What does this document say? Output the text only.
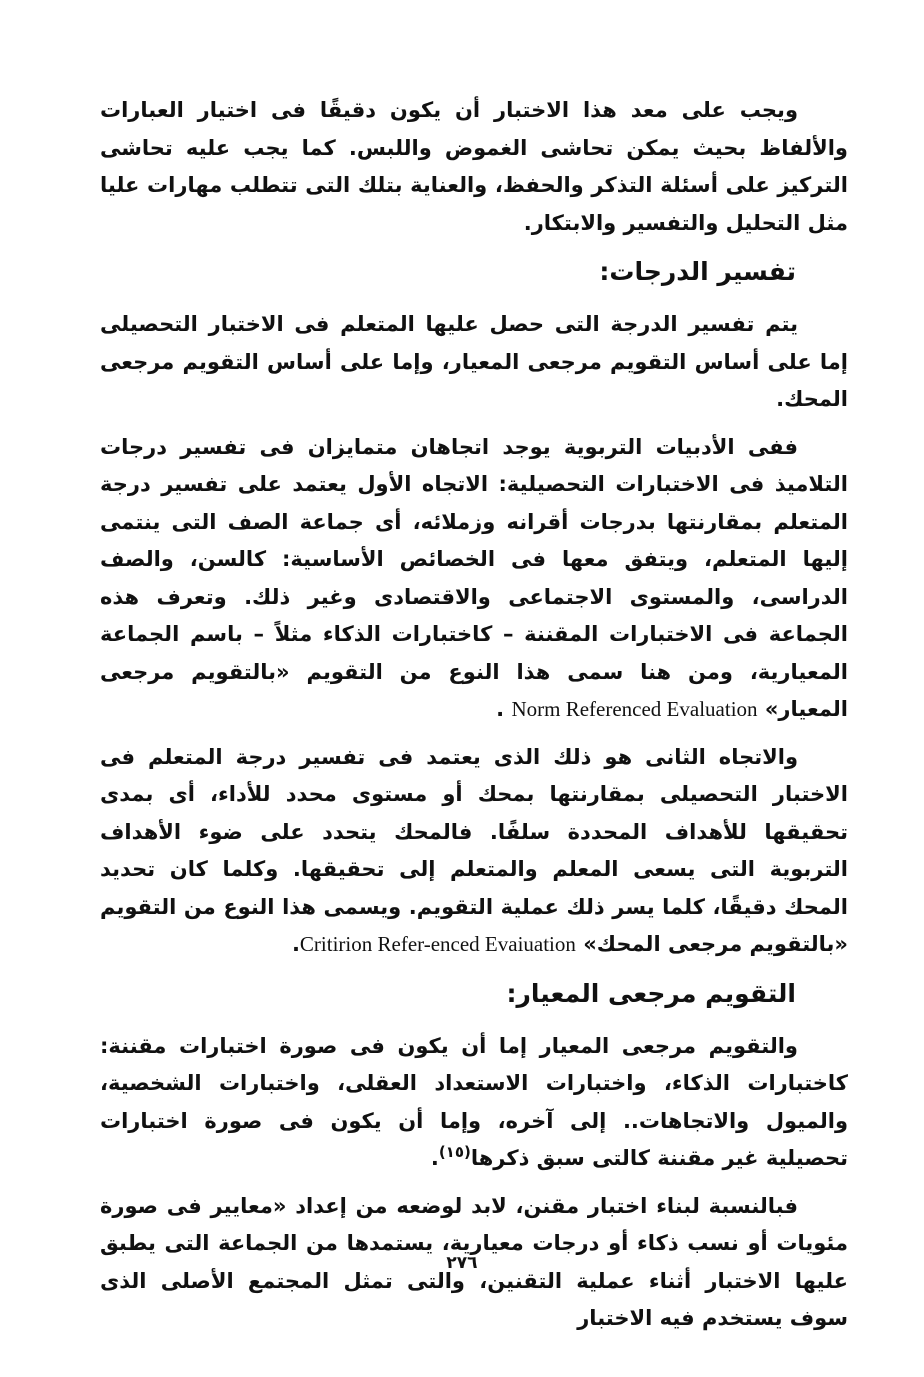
ويجب على معد هذا الاختبار أن يكون دقيقًا فى اختيار العبارات والألفاظ بحيث يمكن تحاشى الغموض واللبس. كما يجب عليه تحاشى التركيز على أسئلة التذكر والحفظ، والعناية بتلك التى تتطلب مهارات عليا مثل التحليل والتفسير والابتكار.

تفسير الدرجات:

يتم تفسير الدرجة التى حصل عليها المتعلم فى الاختبار التحصيلى إما على أساس التقويم مرجعى المعيار، وإما على أساس التقويم مرجعى المحك.

ففى الأدبيات التربوية يوجد اتجاهان متمايزان فى تفسير درجات التلاميذ فى الاختبارات التحصيلية: الاتجاه الأول يعتمد على تفسير درجة المتعلم بمقارنتها بدرجات أقرانه وزملائه، أى جماعة الصف التى ينتمى إليها المتعلم، ويتفق معها فى الخصائص الأساسية: كالسن، والصف الدراسى، والمستوى الاجتماعى والاقتصادى وغير ذلك. وتعرف هذه الجماعة فى الاختبارات المقننة – كاختبارات الذكاء مثلاً – باسم الجماعة المعيارية، ومن هنا سمى هذا النوع من التقويم «بالتقويم مرجعى المعيار» Norm Referenced Evaluation .

والاتجاه الثانى هو ذلك الذى يعتمد فى تفسير درجة المتعلم فى الاختبار التحصيلى بمقارنتها بمحك أو مستوى محدد للأداء، أى بمدى تحقيقها للأهداف المحددة سلفًا. فالمحك يتحدد على ضوء الأهداف التربوية التى يسعى المعلم والمتعلم إلى تحقيقها. وكلما كان تحديد المحك دقيقًا، كلما يسر ذلك عملية التقويم. ويسمى هذا النوع من التقويم «بالتقويم مرجعى المحك» Critirion Refer-enced Evaiuation.

التقويم مرجعى المعيار:

والتقويم مرجعى المعيار إما أن يكون فى صورة اختبارات مقننة: كاختبارات الذكاء، واختبارات الاستعداد العقلى، واختبارات الشخصية، والميول والاتجاهات.. إلى آخره، وإما أن يكون فى صورة اختبارات تحصيلية غير مقننة كالتى سبق ذكرها$^{(١٥)}$.

فبالنسبة لبناء اختبار مقنن، لابد لوضعه من إعداد «معايير فى صورة مئويات أو نسب ذكاء أو درجات معيارية، يستمدها من الجماعة التى يطبق عليها الاختبار أثناء عملية التقنين، والتى تمثل المجتمع الأصلى الذى سوف يستخدم فيه الاختبار

٢٧٦
